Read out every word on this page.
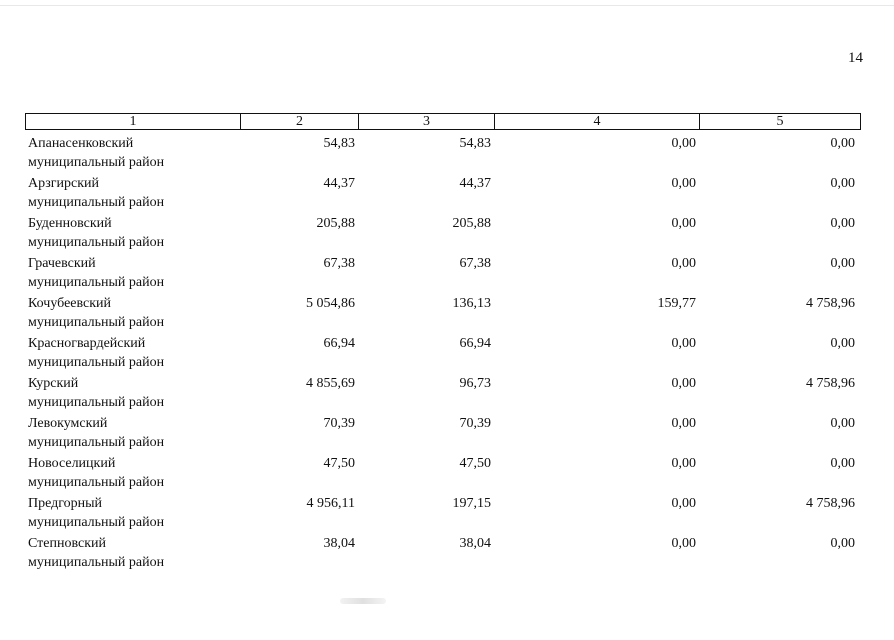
14
1	2	3	4	5
Апанасенковский
муниципальный район
54,83	54,83	0,00	0,00
Арзгирский
муниципальный район
44,37	44,37	0,00	0,00
Буденновский
муниципальный район
205,88	205,88	0,00	0,00
Грачевский
муниципальный район
67,38	67,38	0,00	0,00
Кочубеевский
муниципальный район
5 054,86	136,13	159,77	4 758,96
Красногвардейский
муниципальный район
66,94	66,94	0,00	0,00
Курский
муниципальный район
4 855,69	96,73	0,00	4 758,96
Левокумский
муниципальный район
70,39	70,39	0,00	0,00
Новоселицкий
муниципальный район
47,50	47,50	0,00	0,00
Предгорный
муниципальный район
4 956,11	197,15	0,00	4 758,96
Степновский
муниципальный район
38,04	38,04	0,00	0,00
